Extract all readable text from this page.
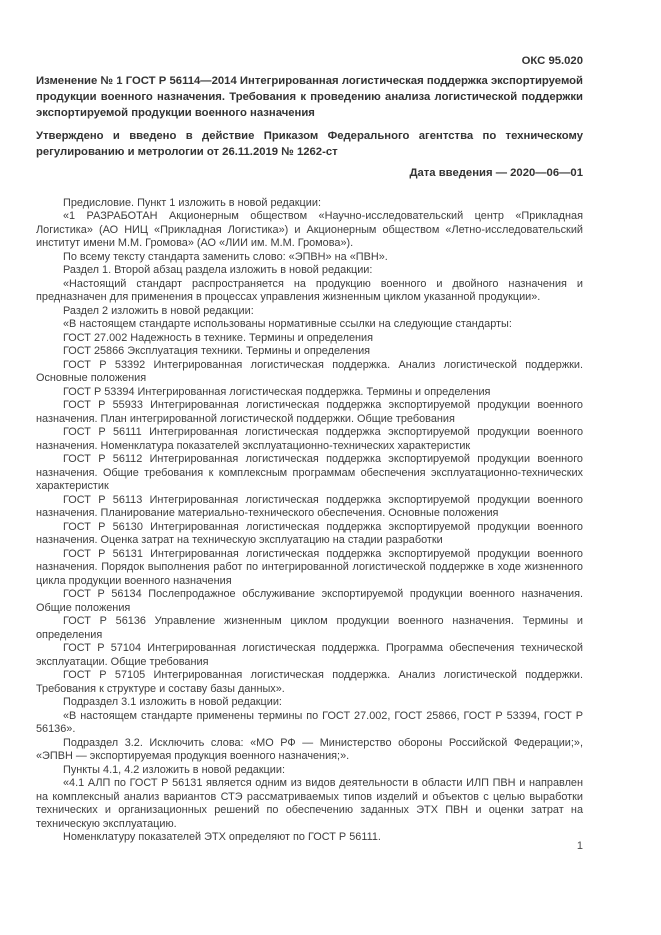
ОКС 95.020

Изменение № 1 ГОСТ Р 56114—2014 Интегрированная логистическая поддержка экспортируемой продукции военного назначения. Требования к проведению анализа логистической поддержки экспортируемой продукции военного назначения

Утверждено и введено в действие Приказом Федерального агентства по техническому регулированию и метрологии от 26.11.2019 № 1262-ст

Дата введения — 2020—06—01

Предисловие. Пункт 1 изложить в новой редакции:

«1 РАЗРАБОТАН Акционерным обществом «Научно-исследовательский центр «Прикладная Логистика» (АО НИЦ «Прикладная Логистика») и Акционерным обществом «Летно-исследовательский институт имени М.М. Громова» (АО «ЛИИ им. М.М. Громова»).

По всему тексту стандарта заменить слово: «ЭПВН» на «ПВН».

Раздел 1. Второй абзац раздела изложить в новой редакции:

«Настоящий стандарт распространяется на продукцию военного и двойного назначения и предназначен для применения в процессах управления жизненным циклом указанной продукции».

Раздел 2 изложить в новой редакции:

«В настоящем стандарте использованы нормативные ссылки на следующие стандарты:

ГОСТ 27.002 Надежность в технике. Термины и определения

ГОСТ 25866 Эксплуатация техники. Термины и определения

ГОСТ Р 53392 Интегрированная логистическая поддержка. Анализ логистической поддержки. Основные положения

ГОСТ Р 53394 Интегрированная логистическая поддержка. Термины и определения

ГОСТ Р 55933 Интегрированная логистическая поддержка экспортируемой продукции военного назначения. План интегрированной логистической поддержки. Общие требования

ГОСТ Р 56111 Интегрированная логистическая поддержка экспортируемой продукции военного назначения. Номенклатура показателей эксплуатационно-технических характеристик

ГОСТ Р 56112 Интегрированная логистическая поддержка экспортируемой продукции военного назначения. Общие требования к комплексным программам обеспечения эксплуатационно-технических характеристик

ГОСТ Р 56113 Интегрированная логистическая поддержка экспортируемой продукции военного назначения. Планирование материально-технического обеспечения. Основные положения

ГОСТ Р 56130 Интегрированная логистическая поддержка экспортируемой продукции военного назначения. Оценка затрат на техническую эксплуатацию на стадии разработки

ГОСТ Р 56131 Интегрированная логистическая поддержка экспортируемой продукции военного назначения. Порядок выполнения работ по интегрированной логистической поддержке в ходе жизненного цикла продукции военного назначения

ГОСТ Р 56134 Послепродажное обслуживание экспортируемой продукции военного назначения. Общие положения

ГОСТ Р 56136 Управление жизненным циклом продукции военного назначения. Термины и определения

ГОСТ Р 57104 Интегрированная логистическая поддержка. Программа обеспечения технической эксплуатации. Общие требования

ГОСТ Р 57105 Интегрированная логистическая поддержка. Анализ логистической поддержки. Требования к структуре и составу базы данных».

Подраздел 3.1 изложить в новой редакции:

«В настоящем стандарте применены термины по ГОСТ 27.002, ГОСТ 25866, ГОСТ Р 53394, ГОСТ Р 56136».

Подраздел 3.2. Исключить слова: «МО РФ — Министерство обороны Российской Федерации;», «ЭПВН — экспортируемая продукция военного назначения;».

Пункты 4.1, 4.2 изложить в новой редакции:

«4.1 АЛП по ГОСТ Р 56131 является одним из видов деятельности в области ИЛП ПВН и направлен на комплексный анализ вариантов СТЭ рассматриваемых типов изделий и объектов с целью выработки технических и организационных решений по обеспечению заданных ЭТХ ПВН и оценки затрат на техническую эксплуатацию.

Номенклатуру показателей ЭТХ определяют по ГОСТ Р 56111.

1
